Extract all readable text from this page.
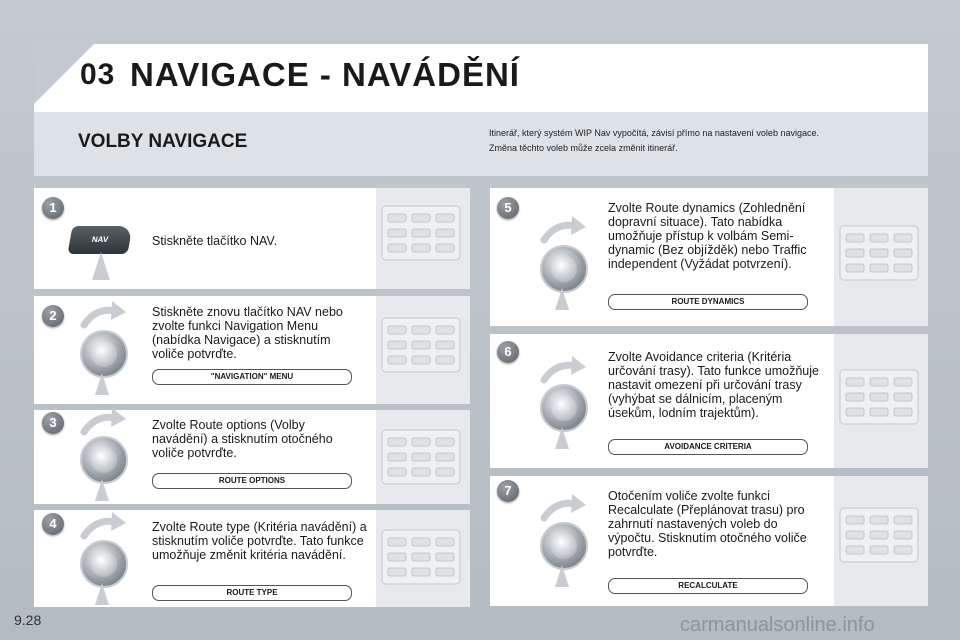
03 NAVIGACE - NAVÁDĚNÍ
VOLBY NAVIGACE	Itinerář, který systém WIP Nav vypočítá, závisí přímo na nastavení voleb navigace.
Změna těchto voleb může zcela změnit itinerář.
1
NAV	Stiskněte tlačítko NAV.
2	Stiskněte znovu tlačítko NAV nebo zvolte funkci Navigation Menu (nabídka Navigace) a stisknutím voliče potvrďte.
"NAVIGATION" MENU
3	Zvolte Route options (Volby navádění) a stisknutím otočného voliče potvrďte.
ROUTE OPTIONS
4	Zvolte Route type (Kritéria navádění) a stisknutím voliče potvrďte. Tato funkce umožňuje změnit kritéria navádění.
ROUTE TYPE
5	Zvolte Route dynamics (Zohlednění dopravní situace). Tato nabídka umožňuje přístup k volbám Semi-dynamic (Bez objížděk) nebo Traffic independent (Vyžádat potvrzení).
ROUTE DYNAMICS
6	Zvolte Avoidance criteria (Kritéria určování trasy). Tato funkce umožňuje nastavit omezení při určování trasy (vyhýbat se dálnicím, placeným úsekům, lodním trajektům).
AVOIDANCE CRITERIA
7	Otočením voliče zvolte funkci Recalculate (Přeplánovat trasu) pro zahrnutí nastavených voleb do výpočtu. Stisknutím otočného voliče potvrďte.
RECALCULATE
9.28	carmanualsonline.info
